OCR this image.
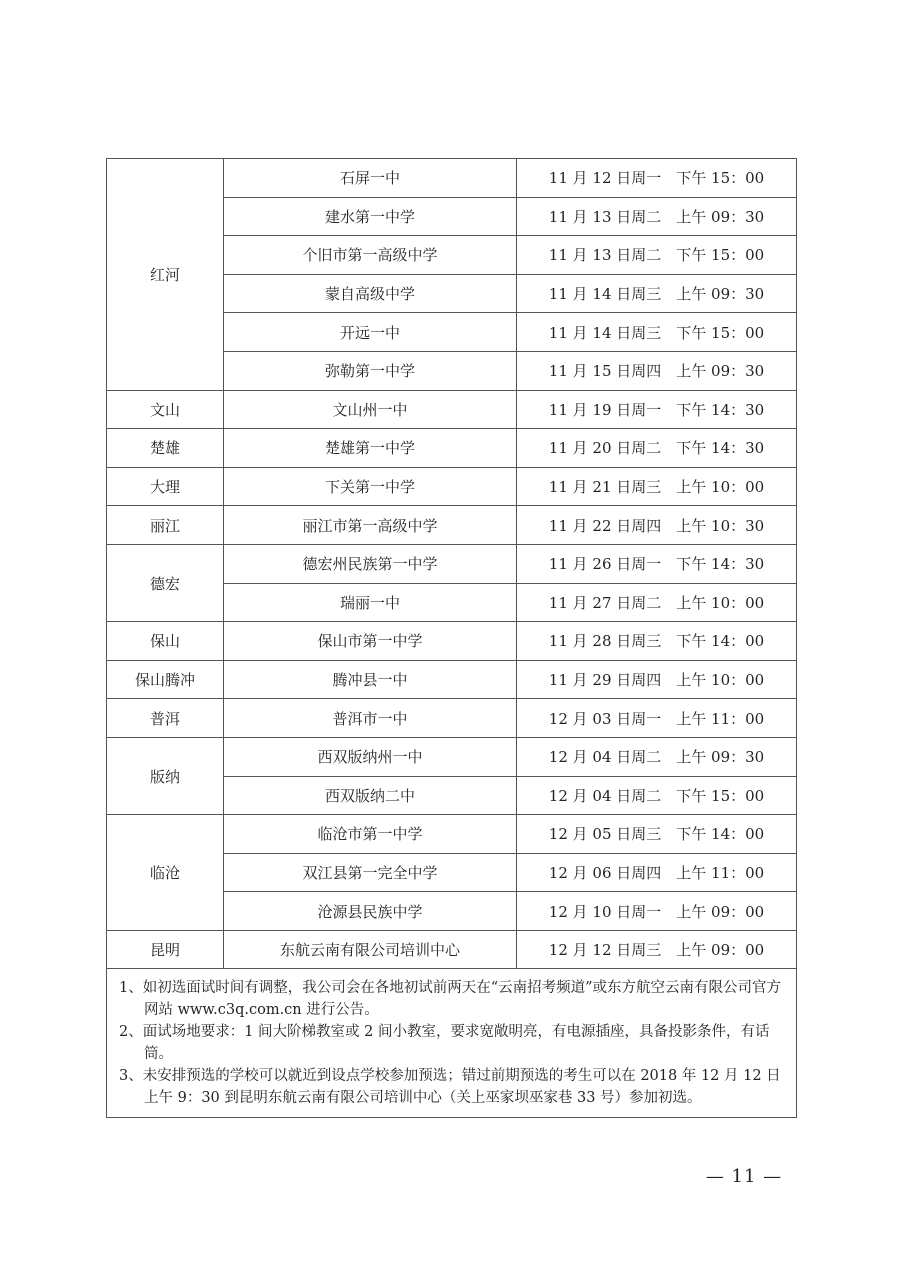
红河	石屏一中	11 月 12 日周一　下午 15：00
	建水第一中学	11 月 13 日周二　上午 09：30
	个旧市第一高级中学	11 月 13 日周二　下午 15：00
	蒙自高级中学	11 月 14 日周三　上午 09：30
	开远一中	11 月 14 日周三　下午 15：00
	弥勒第一中学	11 月 15 日周四　上午 09：30
文山	文山州一中	11 月 19 日周一　下午 14：30
楚雄	楚雄第一中学	11 月 20 日周二　下午 14：30
大理	下关第一中学	11 月 21 日周三　上午 10：00
丽江	丽江市第一高级中学	11 月 22 日周四　上午 10：30
德宏	德宏州民族第一中学	11 月 26 日周一　下午 14：30
	瑞丽一中	11 月 27 日周二　上午 10：00
保山	保山市第一中学	11 月 28 日周三　下午 14：00
保山腾冲	腾冲县一中	11 月 29 日周四　上午 10：00
普洱	普洱市一中	12 月 03 日周一　上午 11：00
版纳	西双版纳州一中	12 月 04 日周二　上午 09：30
	西双版纳二中	12 月 04 日周二　下午 15：00
临沧	临沧市第一中学	12 月 05 日周三　下午 14：00
	双江县第一完全中学	12 月 06 日周四　上午 11：00
	沧源县民族中学	12 月 10 日周一　上午 09：00
昆明	东航云南有限公司培训中心	12 月 12 日周三　上午 09：00

1、如初选面试时间有调整，我公司会在各地初试前两天在“云南招考频道”或东方航空云南有限公司官方网站 www.c3q.com.cn 进行公告。

2、面试场地要求：1 间大阶梯教室或 2 间小教室，要求宽敞明亮，有电源插座，具备投影条件，有话筒。

3、未安排预选的学校可以就近到设点学校参加预选；错过前期预选的考生可以在 2018 年 12 月 12 日上午 9：30 到昆明东航云南有限公司培训中心（关上巫家坝巫家巷 33 号）参加初选。		

— 11 —
